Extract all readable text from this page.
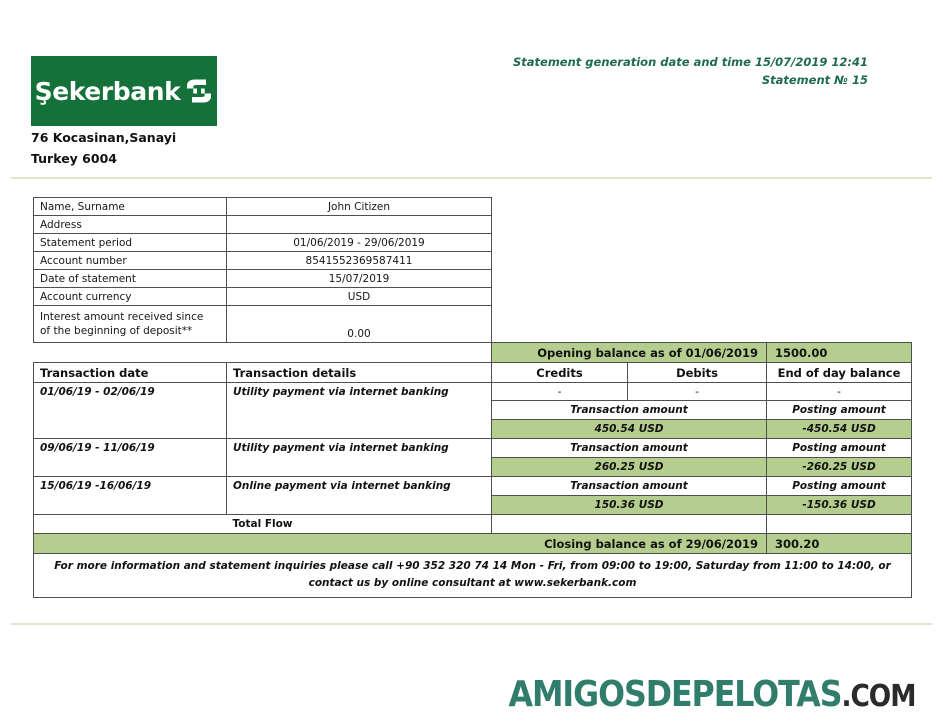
Şekerbank
Statement generation date and time 15/07/2019 12:41
Statement № 15
76 Kocasinan,Sanayi
Turkey 6004
Name, Surname	John Citizen
Address	
Statement period	01/06/2019 - 29/06/2019
Account number	8541552369587411
Date of statement	15/07/2019
Account currency	USD

Interest amount received since
of the beginning of deposit**	0.00
		Opening balance as of 01/06/2019		1500.00
Transaction date	Transaction details	Credits	Debits	End of day balance
01/06/19 - 02/06/19	Utility payment via internet banking	-	-	-
		Transaction amount		Posting amount
		450.54 USD		-450.54 USD
09/06/19 - 11/06/19	Utility payment via internet banking	Transaction amount		Posting amount
		260.25 USD		-260.25 USD
15/06/19 -16/06/19	Online payment via internet banking	Transaction amount		Posting amount
		150.36 USD		-150.36 USD
Total Flow				
Closing balance as of 29/06/2019				300.20

For more information and statement inquiries please call +90 352 320 74 14 Mon - Fri, from 09:00 to 19:00, Saturday from 11:00 to 14:00, or
contact us by online consultant at www.sekerbank.com				
AMIGOSDEPELOTAS.COM
